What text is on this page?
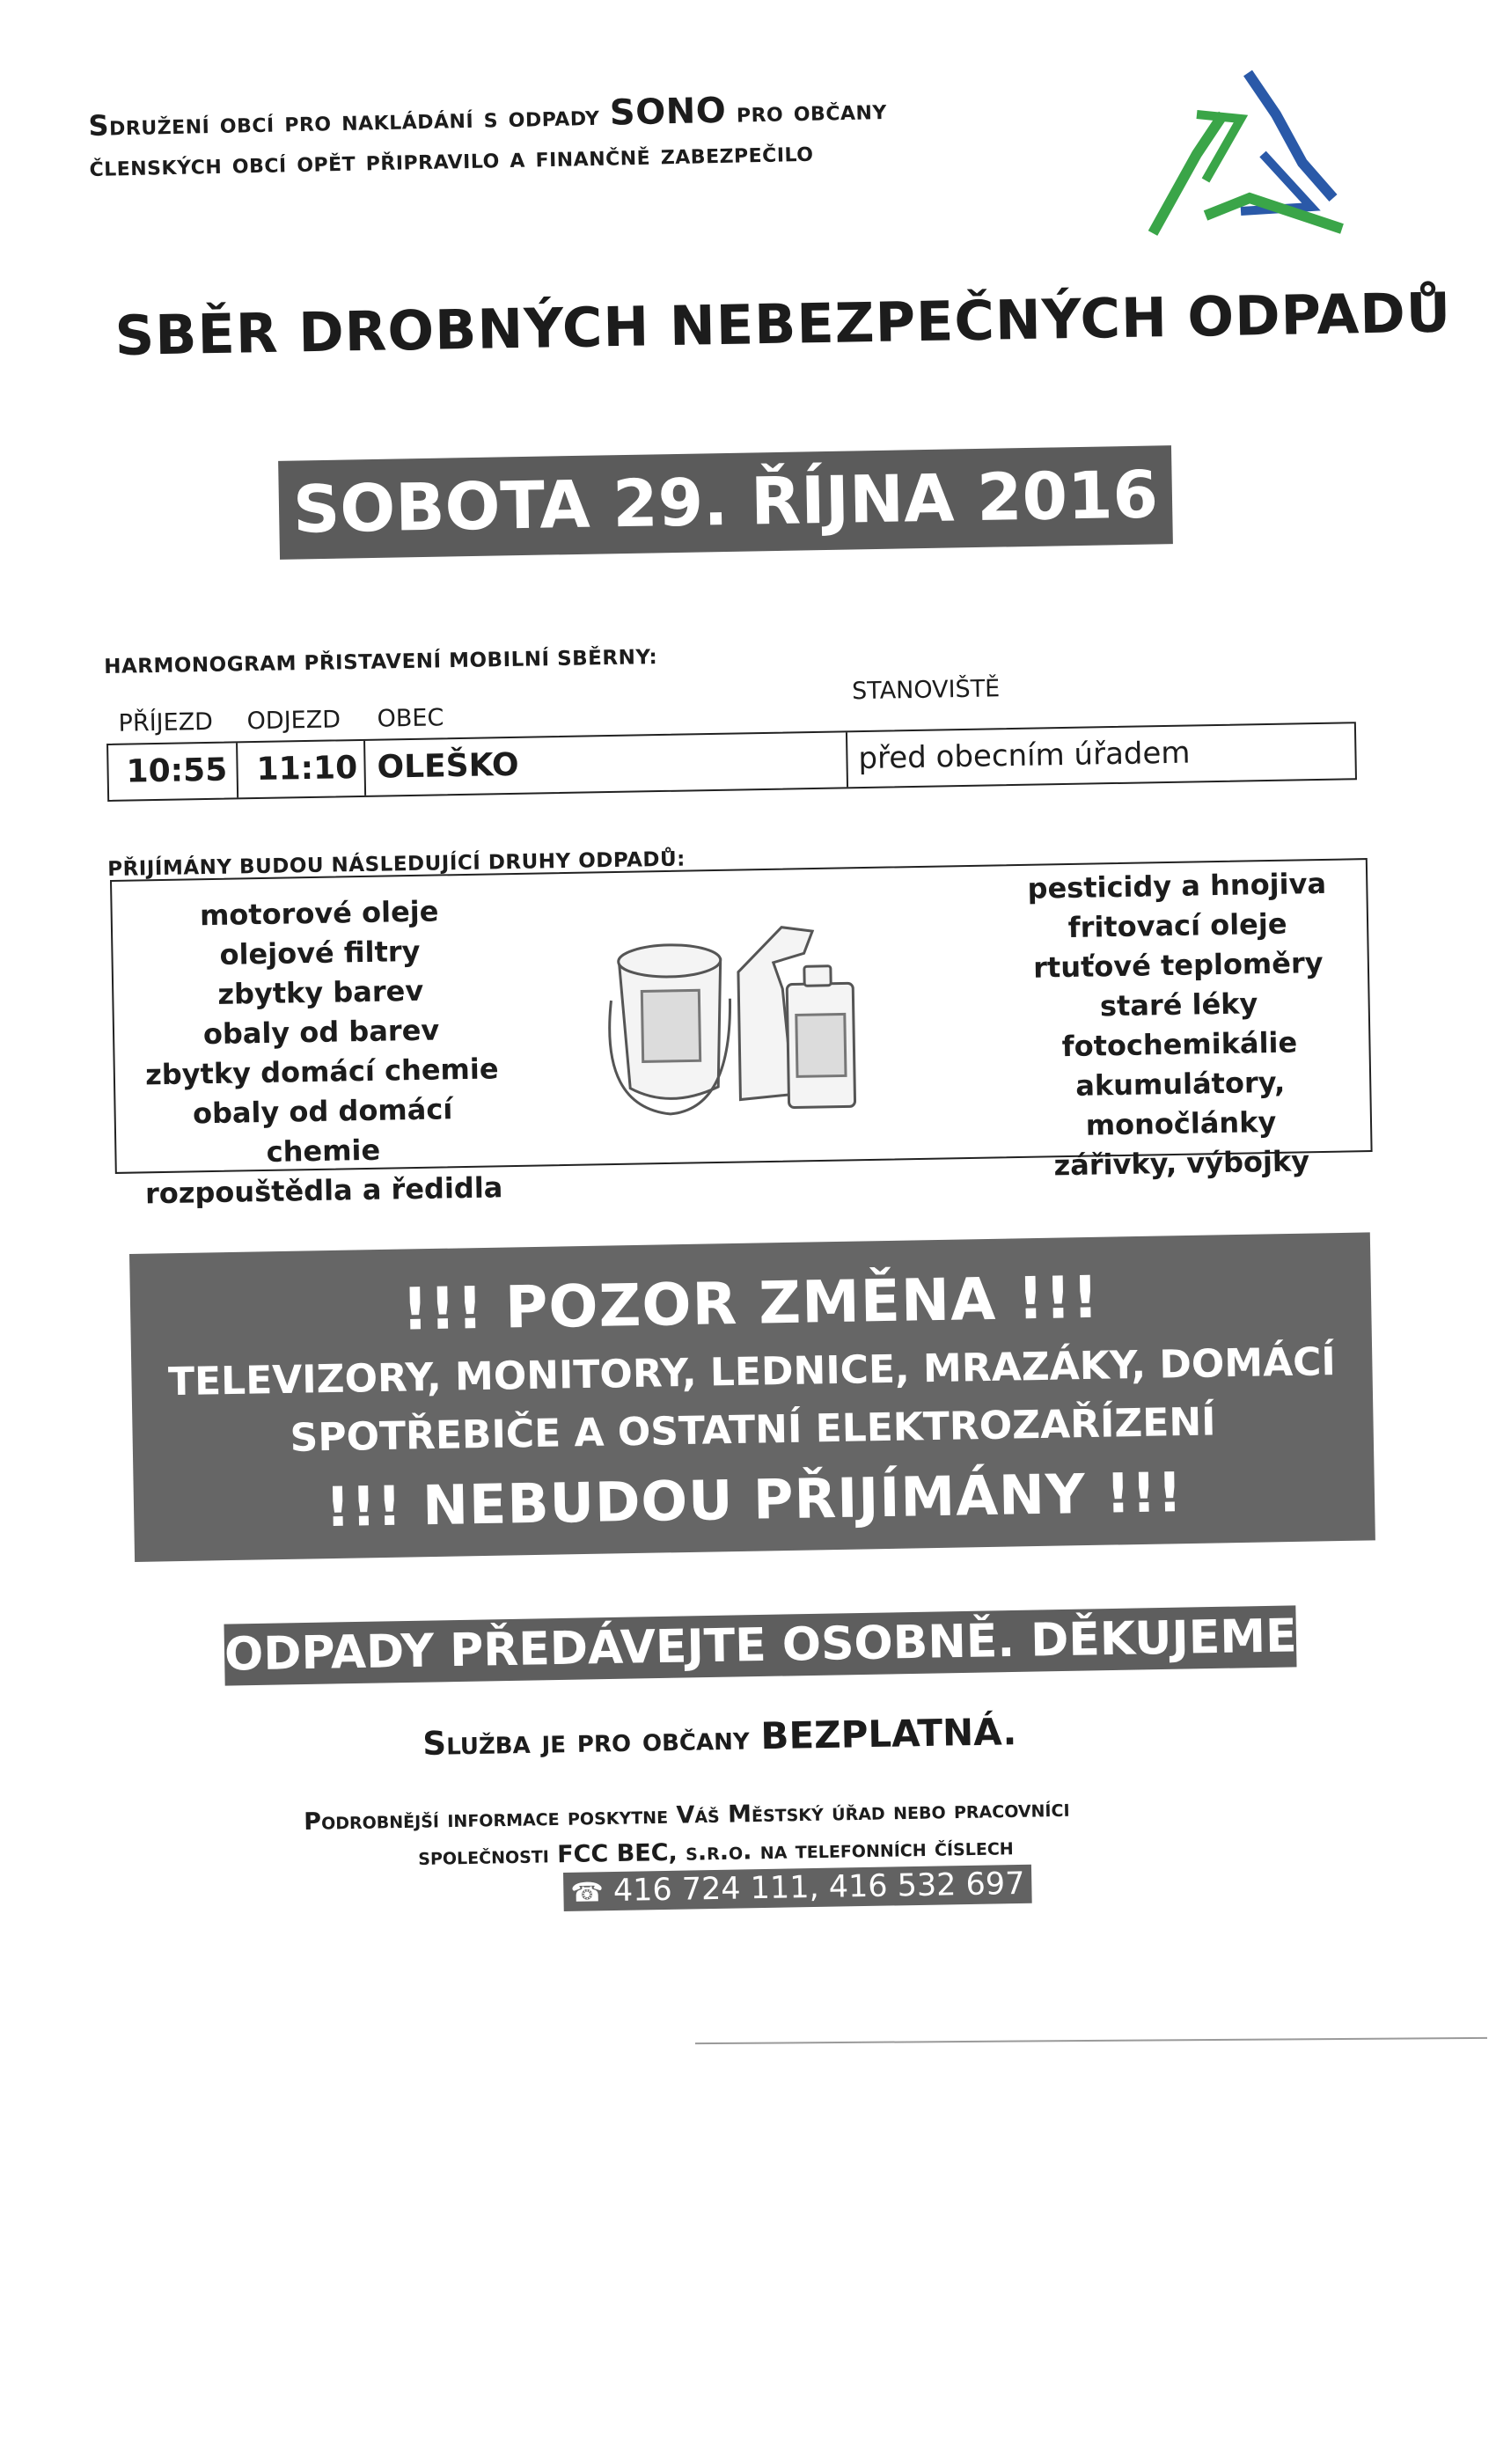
Sdružení obcí pro nakládání s odpady SONO pro občany
členských obcí opět připravilo a finančně zabezpečilo
SBĚR DROBNÝCH NEBEZPEČNÝCH ODPADŮ
SOBOTA 29. ŘÍJNA 2016
HARMONOGRAM PŘISTAVENÍ MOBILNÍ SBĚRNY:
PŘÍJEZD ODJEZD OBEC
STANOVIŠTĚ
10:55 11:10 OLEŠKO	před obecním úřadem
PŘIJÍMÁNY BUDOU NÁSLEDUJÍCÍ DRUHY ODPADŮ:
motorové oleje
olejové filtry
zbytky barev
obaly od barev
zbytky domácí chemie
obaly od domácí chemie
rozpouštědla a ředidla
pesticidy a hnojiva
fritovací oleje
rtuťové teploměry
staré léky
fotochemikálie
akumulátory, monočlánky
zářivky, výbojky
!!! POZOR ZMĚNA !!!
TELEVIZORY, MONITORY, LEDNICE, MRAZÁKY, DOMÁCÍ
SPOTŘEBIČE A OSTATNÍ ELEKTROZAŘÍZENÍ
!!! NEBUDOU PŘIJÍMÁNY !!!
ODPADY PŘEDÁVEJTE OSOBNĚ. DĚKUJEME.
Služba je pro občany BEZPLATNÁ.
Podrobnější informace poskytne Váš Městský úřad nebo pracovníci
společnosti FCC BEC, s.r.o. na telefonních číslech
☎ 416 724 111, 416 532 697
